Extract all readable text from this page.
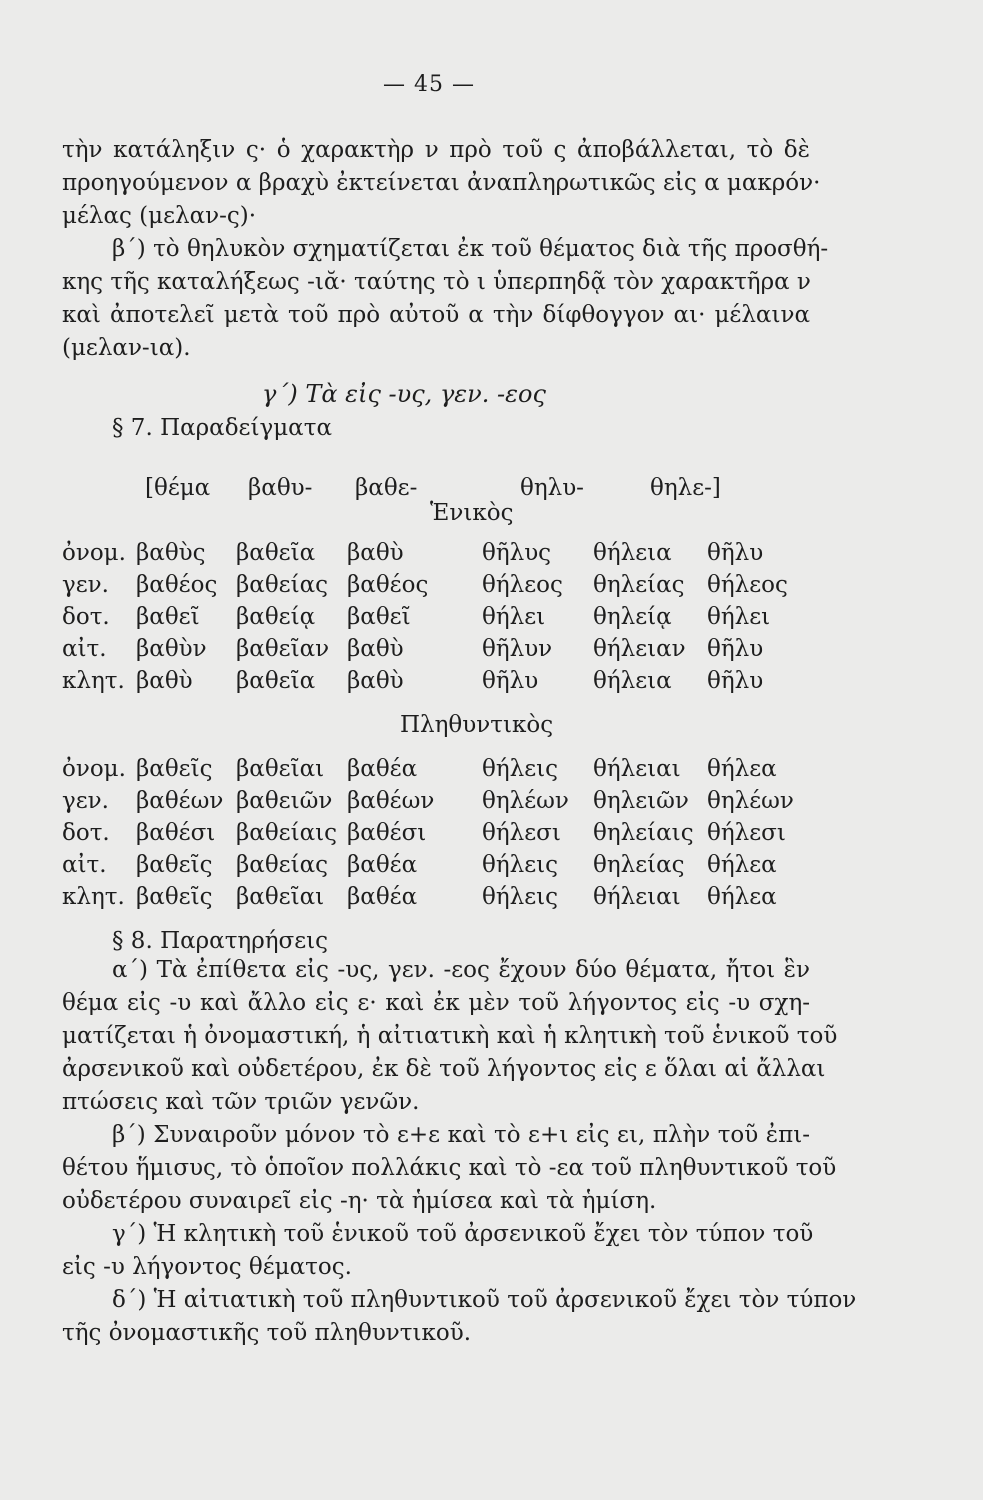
— 45 —
τὴν κατάληξιν ς· ὁ χαρακτὴρ ν πρὸ τοῦ ς ἀποβάλλεται, τὸ δὲ
προηγούμενον α βραχὺ ἐκτείνεται ἀναπληρωτικῶς εἰς α μακρόν·
μέλας (μελαν-ς)·
β΄) τὸ θηλυκὸν σχηματίζεται ἐκ τοῦ θέματος διὰ τῆς προσθή-
κης τῆς καταλήξεως -ιᾰ· ταύτης τὸ ι ὑπερπηδᾷ τὸν χαρακτῆρα ν
καὶ ἀποτελεῖ μετὰ τοῦ πρὸ αὐτοῦ α τὴν δίφθογγον αι· μέλαινα
(μελαν-ια).
γ΄) Τὰ εἰς -υς, γεν. -εος
§ 7. Παραδείγματα
[θέμα βαθυ- βαθε-	θηλυ-	θηλε-]
Ἑνικὸς
ὀνομ. βαθὺς βαθεῖα βαθὺ	θῆλυς θήλεια θῆλυ
γεν. βαθέος βαθείας βαθέος θήλεος θηλείας θήλεος
δοτ. βαθεῖ βαθείᾳ βαθεῖ	θήλει θηλείᾳ θήλει
αἰτ. βαθὺν βαθεῖαν βαθὺ	θῆλυν θήλειαν θῆλυ
κλητ. βαθὺ βαθεῖα βαθὺ	θῆλυ θήλεια θῆλυ
Πληθυντικὸς
ὀνομ. βαθεῖς βαθεῖαι βαθέα	θήλεις θήλειαι θήλεα
γεν. βαθέων βαθειῶν βαθέων θηλέων θηλειῶν θηλέων
δοτ. βαθέσι βαθείαις βαθέσι θήλεσι θηλείαις θήλεσι
αἰτ. βαθεῖς βαθείας βαθέα	θήλεις θηλείας θήλεα
κλητ. βαθεῖς βαθεῖαι βαθέα	θήλεις θήλειαι θήλεα
§ 8. Παρατηρήσεις
α΄) Τὰ ἐπίθετα εἰς -υς, γεν. -εος ἔχουν δύο θέματα, ἤτοι ἓν
θέμα εἰς -υ καὶ ἄλλο εἰς ε· καὶ ἐκ μὲν τοῦ λήγοντος εἰς -υ σχη-
ματίζεται ἡ ὀνομαστική, ἡ αἰτιατικὴ καὶ ἡ κλητικὴ τοῦ ἑνικοῦ τοῦ
ἀρσενικοῦ καὶ οὐδετέρου, ἐκ δὲ τοῦ λήγοντος εἰς ε ὅλαι αἱ ἄλλαι
πτώσεις καὶ τῶν τριῶν γενῶν.
β΄) Συναιροῦν μόνον τὸ ε+ε καὶ τὸ ε+ι εἰς ει, πλὴν τοῦ ἐπι-
θέτου ἥμισυς, τὸ ὁποῖον πολλάκις καὶ τὸ -εα τοῦ πληθυντικοῦ τοῦ
οὐδετέρου συναιρεῖ εἰς -η· τὰ ἡμίσεα καὶ τὰ ἡμίση.
γ΄) Ἡ κλητικὴ τοῦ ἑνικοῦ τοῦ ἀρσενικοῦ ἔχει τὸν τύπον τοῦ
εἰς -υ λήγοντος θέματος.
δ΄) Ἡ αἰτιατικὴ τοῦ πληθυντικοῦ τοῦ ἀρσενικοῦ ἔχει τὸν τύπον
τῆς ὀνομαστικῆς τοῦ πληθυντικοῦ.
